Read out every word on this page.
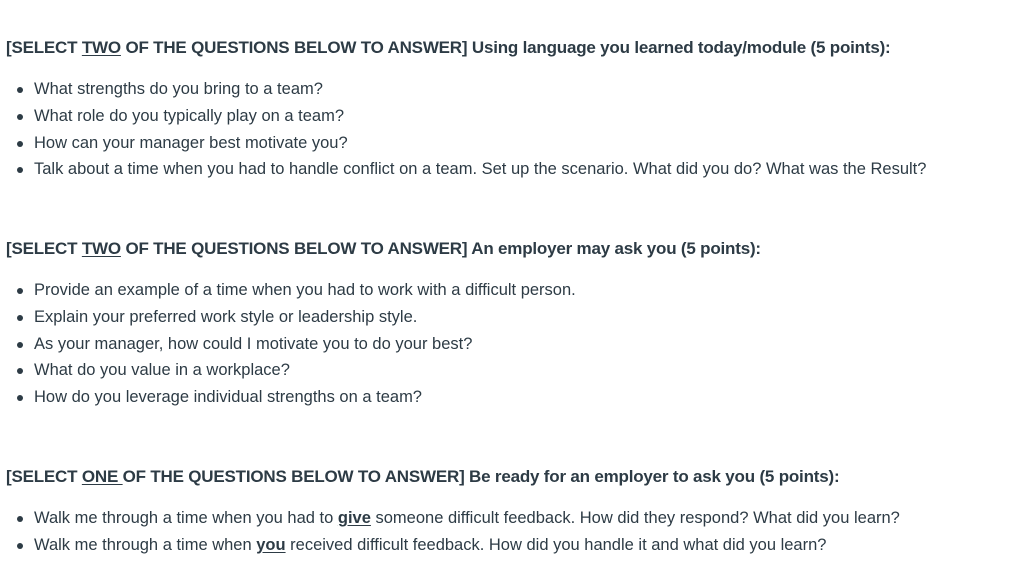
[SELECT TWO OF THE QUESTIONS BELOW TO ANSWER] Using language you learned today/module (5 points):
What strengths do you bring to a team?
What role do you typically play on a team?
How can your manager best motivate you?
Talk about a time when you had to handle conflict on a team. Set up the scenario. What did you do? What was the Result?
[SELECT TWO OF THE QUESTIONS BELOW TO ANSWER] An employer may ask you (5 points):
Provide an example of a time when you had to work with a difficult person.
Explain your preferred work style or leadership style.
As your manager, how could I motivate you to do your best?
What do you value in a workplace?
How do you leverage individual strengths on a team?
[SELECT ONE OF THE QUESTIONS BELOW TO ANSWER] Be ready for an employer to ask you (5 points):
Walk me through a time when you had to give someone difficult feedback. How did they respond? What did you learn?
Walk me through a time when you received difficult feedback. How did you handle it and what did you learn?
